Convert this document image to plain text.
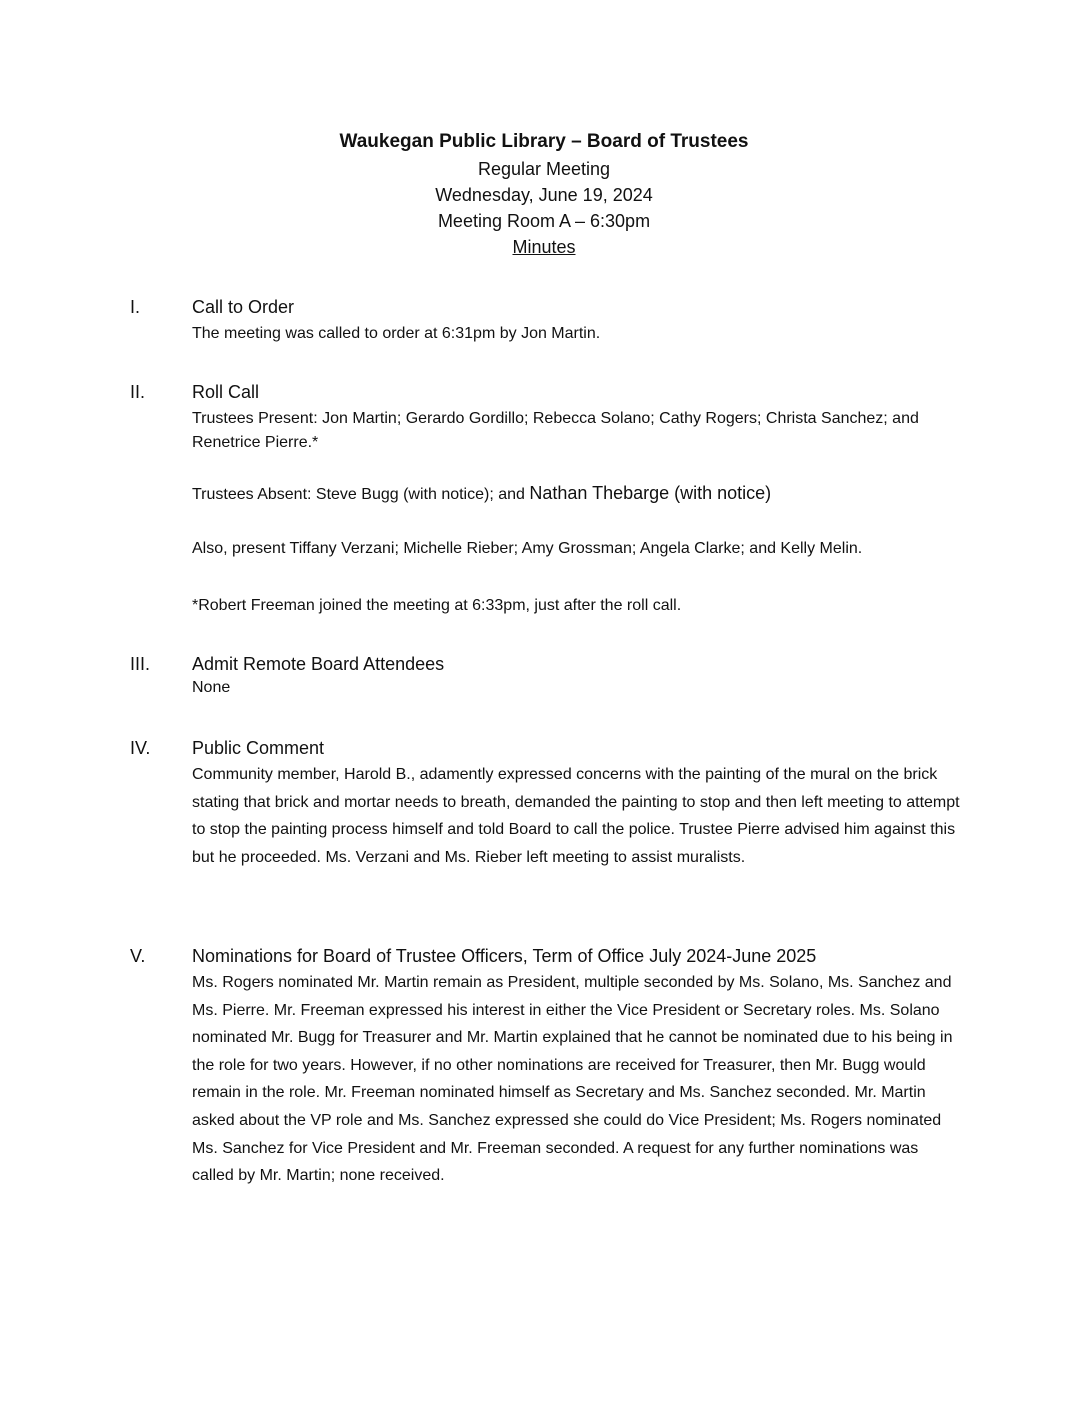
Waukegan Public Library – Board of Trustees
Regular Meeting
Wednesday, June 19, 2024
Meeting Room A – 6:30pm
Minutes
I.	Call to Order

The meeting was called to order at 6:31pm by Jon Martin.

II.	Roll Call

Trustees Present: Jon Martin; Gerardo Gordillo; Rebecca Solano; Cathy Rogers; Christa Sanchez; and Renetrice Pierre.*

Trustees Absent: Steve Bugg (with notice); and Nathan Thebarge (with notice)

Also, present Tiffany Verzani; Michelle Rieber; Amy Grossman; Angela Clarke; and Kelly Melin.

*Robert Freeman joined the meeting at 6:33pm, just after the roll call.

III. Admit Remote Board Attendees

None

IV. Public Comment

Community member, Harold B., adamently expressed concerns with the painting of the mural on the brick stating that brick and mortar needs to breath, demanded the painting to stop and then left meeting to attempt to stop the painting process himself and told Board to call the police. Trustee Pierre advised him against this but he proceeded. Ms. Verzani and Ms. Rieber left meeting to assist muralists.

V.	Nominations for Board of Trustee Officers, Term of Office July 2024-June 2025

Ms. Rogers nominated Mr. Martin remain as President, multiple seconded by Ms. Solano, Ms. Sanchez and Ms. Pierre. Mr. Freeman expressed his interest in either the Vice President or Secretary roles. Ms. Solano nominated Mr. Bugg for Treasurer and Mr. Martin explained that he cannot be nominated due to his being in the role for two years. However, if no other nominations are received for Treasurer, then Mr. Bugg would remain in the role. Mr. Freeman nominated himself as Secretary and Ms. Sanchez seconded. Mr. Martin asked about the VP role and Ms. Sanchez expressed she could do Vice President; Ms. Rogers nominated Ms. Sanchez for Vice President and Mr. Freeman seconded. A request for any further nominations was called by Mr. Martin; none received.
